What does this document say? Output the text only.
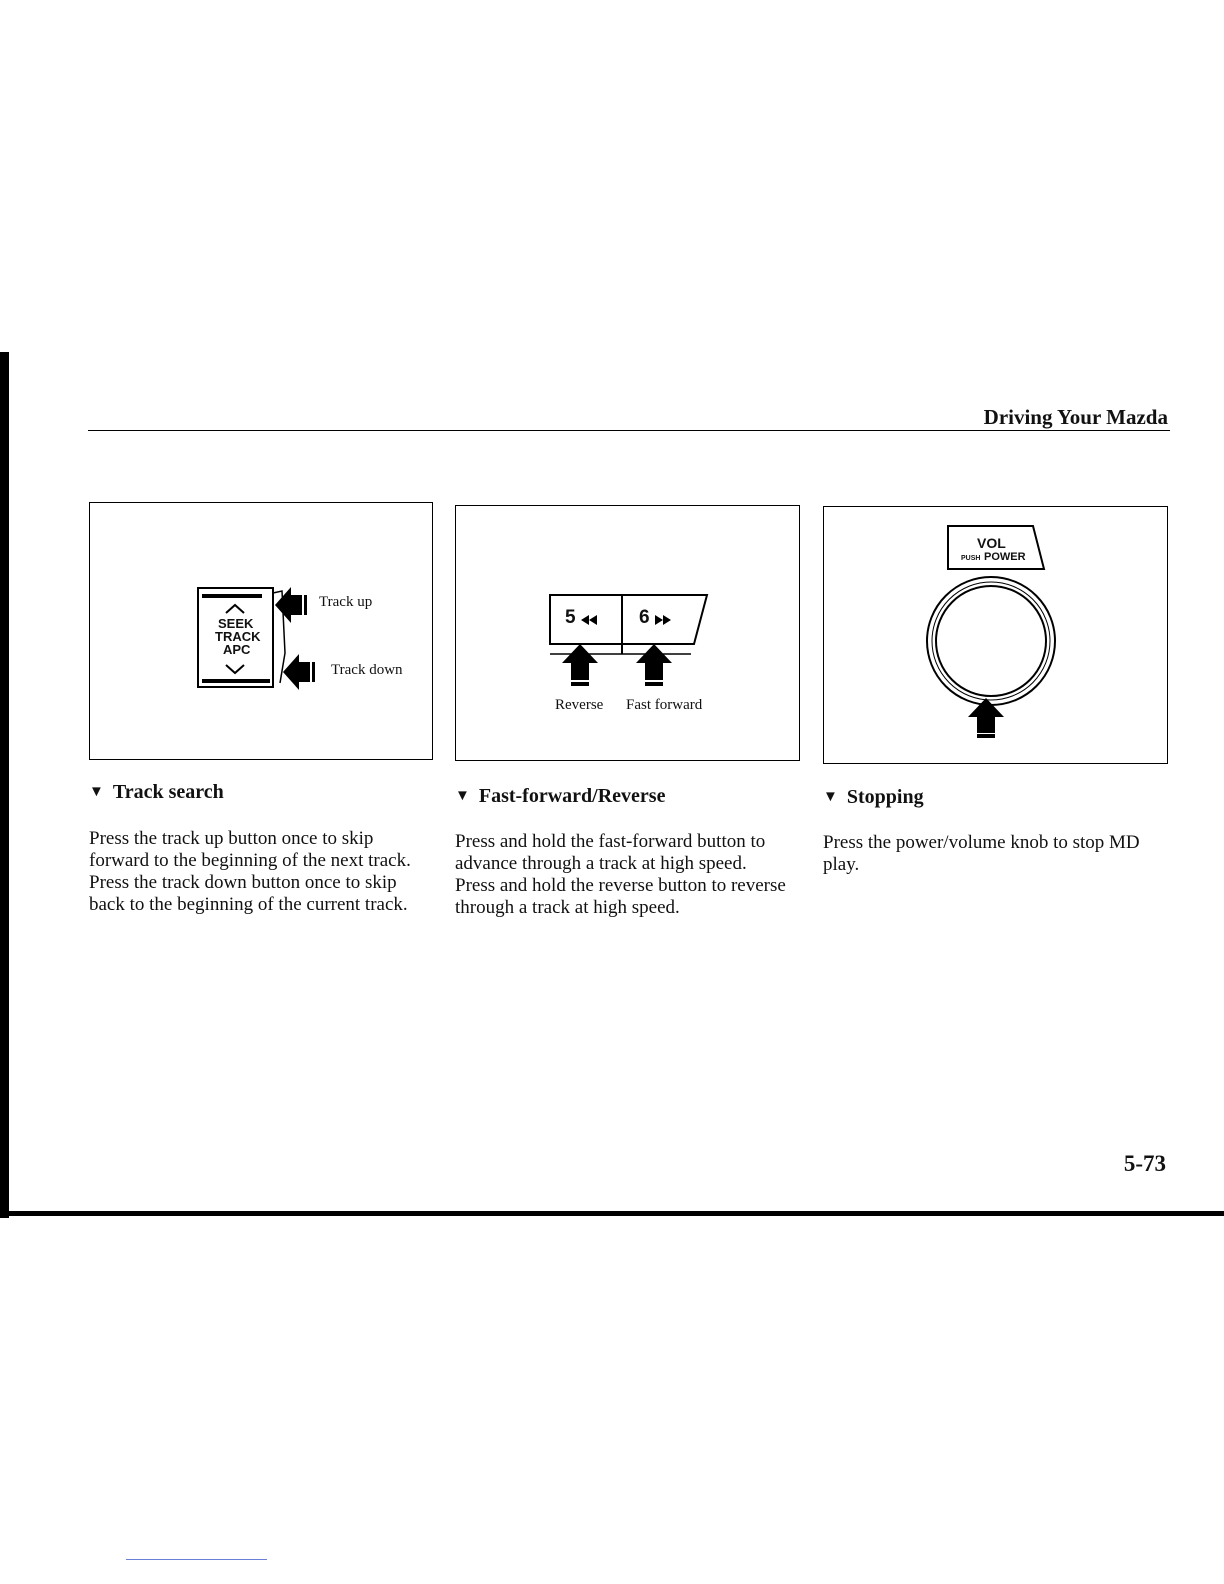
Driving Your Mazda
SEEK
TRACK
APC
Track up
Track down
5	6
Reverse Fast forward
VOL
PUSH POWER
▼ Track search	▼ Fast-forward/Reverse	▼ Stopping

Press the track up button once to skip forward to the beginning of the next track.

Press the track down button once to skip back to the beginning of the current track.

Press and hold the fast-forward button to advance through a track at high speed.

Press and hold the reverse button to reverse through a track at high speed.

Press the power/volume knob to stop MD play.

5-73
